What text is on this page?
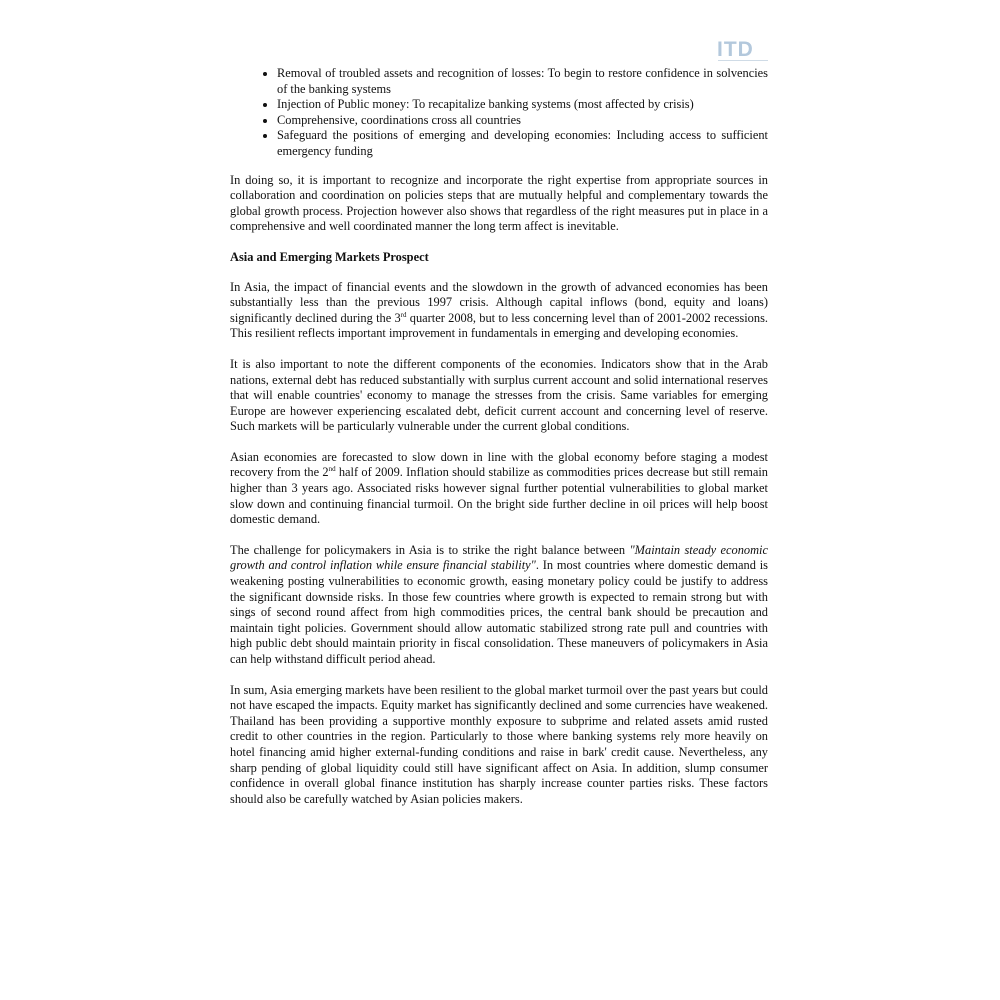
ITD
• Removal of troubled assets and recognition of losses: To begin to restore confidence in solvencies of the banking systems
• Injection of Public money: To recapitalize banking systems (most affected by crisis)
• Comprehensive, coordinations cross all countries
• Safeguard the positions of emerging and developing economies: Including access to sufficient emergency funding

In doing so, it is important to recognize and incorporate the right expertise from appropriate sources in collaboration and coordination on policies steps that are mutually helpful and complementary towards the global growth process. Projection however also shows that regardless of the right measures put in place in a comprehensive and well coordinated manner the long term affect is inevitable.

Asia and Emerging Markets Prospect

In Asia, the impact of financial events and the slowdown in the growth of advanced economies has been substantially less than the previous 1997 crisis. Although capital inflows (bond, equity and loans) significantly declined during the 3rd quarter 2008, but to less concerning level than of 2001-2002 recessions. This resilient reflects important improvement in fundamentals in emerging and developing economies.

It is also important to note the different components of the economies. Indicators show that in the Arab nations, external debt has reduced substantially with surplus current account and solid international reserves that will enable countries' economy to manage the stresses from the crisis. Same variables for emerging Europe are however experiencing escalated debt, deficit current account and concerning level of reserve. Such markets will be particularly vulnerable under the current global conditions.

Asian economies are forecasted to slow down in line with the global economy before staging a modest recovery from the 2nd half of 2009. Inflation should stabilize as commodities prices decrease but still remain higher than 3 years ago. Associated risks however signal further potential vulnerabilities to global market slow down and continuing financial turmoil. On the bright side further decline in oil prices will help boost domestic demand.

The challenge for policymakers in Asia is to strike the right balance between "Maintain steady economic growth and control inflation while ensure financial stability". In most countries where domestic demand is weakening posting vulnerabilities to economic growth, easing monetary policy could be justify to address the significant downside risks. In those few countries where growth is expected to remain strong but with sings of second round affect from high commodities prices, the central bank should be precaution and maintain tight policies. Government should allow automatic stabilized strong rate pull and countries with high public debt should maintain priority in fiscal consolidation. These maneuvers of policymakers in Asia can help withstand difficult period ahead.

In sum, Asia emerging markets have been resilient to the global market turmoil over the past years but could not have escaped the impacts. Equity market has significantly declined and some currencies have weakened. Thailand has been providing a supportive monthly exposure to subprime and related assets amid rusted credit to other countries in the region. Particularly to those where banking systems rely more heavily on hotel financing amid higher external-funding conditions and raise in bark' credit cause. Nevertheless, any sharp pending of global liquidity could still have significant affect on Asia. In addition, slump consumer confidence in overall global finance institution has sharply increase counter parties risks. These factors should also be carefully watched by Asian policies makers.
